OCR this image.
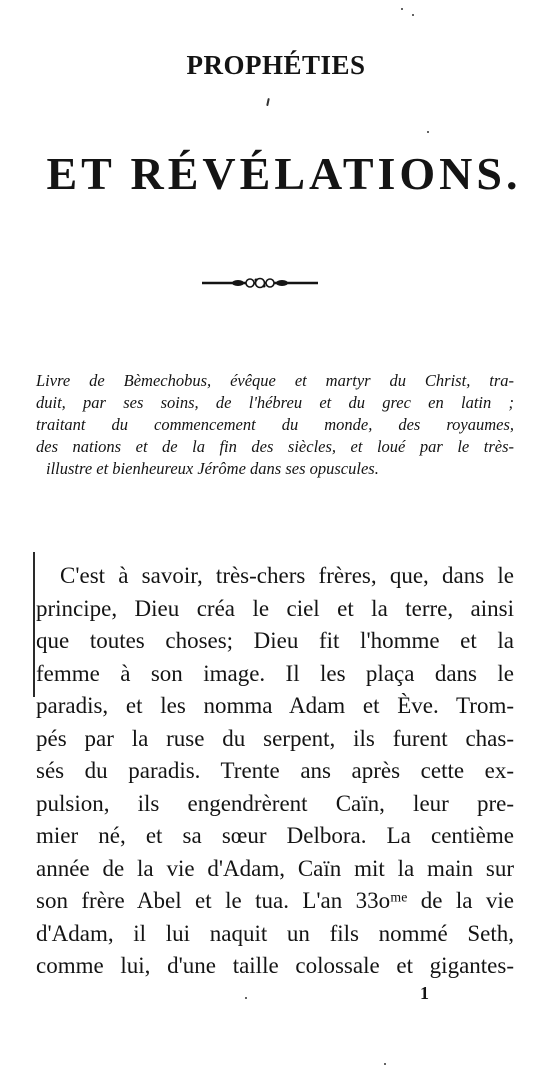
PROPHÉTIES
ET RÉVÉLATIONS.
Livre de Bèmechobus, évêque et martyr du Christ, tra-
duit, par ses soins, de l'hébreu et du grec en latin ;
traitant du commencement du monde, des royaumes,
des nations et de la fin des siècles, et loué par le très-
illustre et bienheureux Jérôme dans ses opuscules.
C'est à savoir, très-chers frères, que, dans le
principe, Dieu créa le ciel et la terre, ainsi
que toutes choses; Dieu fit l'homme et la
femme à son image. Il les plaça dans le
paradis, et les nomma Adam et Ève. Trom-
pés par la ruse du serpent, ils furent chas-
sés du paradis. Trente ans après cette ex-
pulsion, ils engendrèrent Caïn, leur pre-
mier né, et sa sœur Delbora. La centième
année de la vie d'Adam, Caïn mit la main sur
son frère Abel et le tua. L'an 33oᵐᵉ de la vie
d'Adam, il lui naquit un fils nommé Seth,
comme lui, d'une taille colossale et gigantes-
1
